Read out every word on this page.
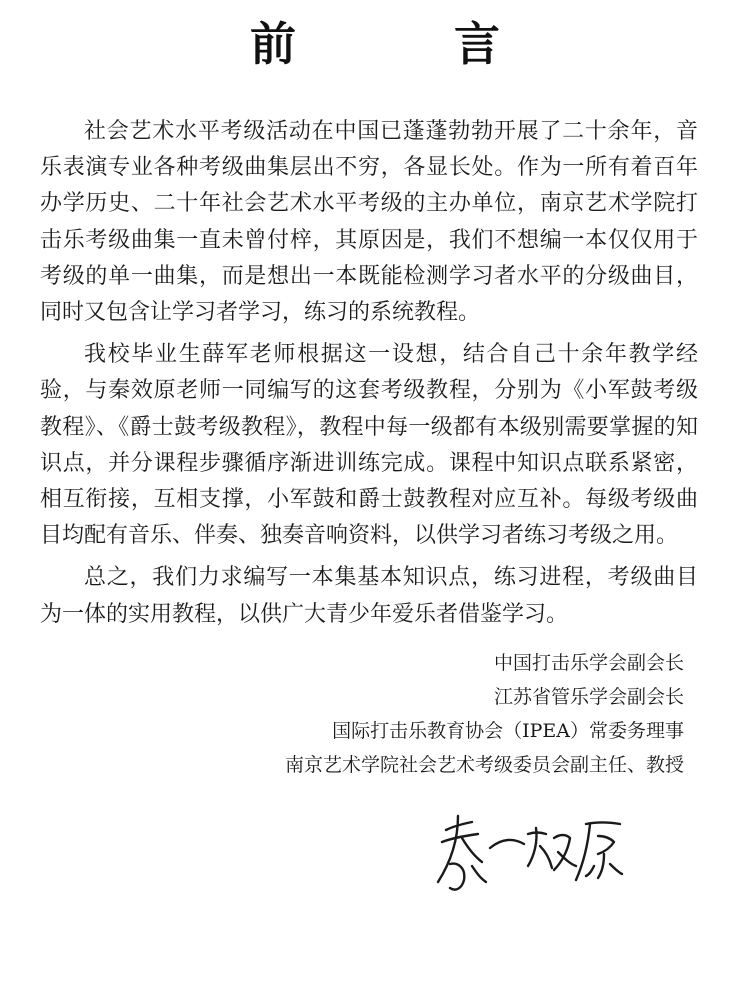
前　言

社会艺术水平考级活动在中国已蓬蓬勃勃开展了二十余年，音乐表演专业各种考级曲集层出不穷，各显长处。作为一所有着百年办学历史、二十年社会艺术水平考级的主办单位，南京艺术学院打击乐考级曲集一直未曾付梓，其原因是，我们不想编一本仅仅用于考级的单一曲集，而是想出一本既能检测学习者水平的分级曲目，同时又包含让学习者学习，练习的系统教程。

我校毕业生薛军老师根据这一设想，结合自己十余年教学经验，与秦效原老师一同编写的这套考级教程，分别为《小军鼓考级教程》、《爵士鼓考级教程》，教程中每一级都有本级别需要掌握的知识点，并分课程步骤循序渐进训练完成。课程中知识点联系紧密，相互衔接，互相支撑，小军鼓和爵士鼓教程对应互补。每级考级曲目均配有音乐、伴奏、独奏音响资料，以供学习者练习考级之用。

总之，我们力求编写一本集基本知识点，练习进程，考级曲目为一体的实用教程，以供广大青少年爱乐者借鉴学习。

中国打击乐学会副会长
江苏省管乐学会副会长
国际打击乐教育协会（IPEA）常委务理事
南京艺术学院社会艺术考级委员会副主任、教授
